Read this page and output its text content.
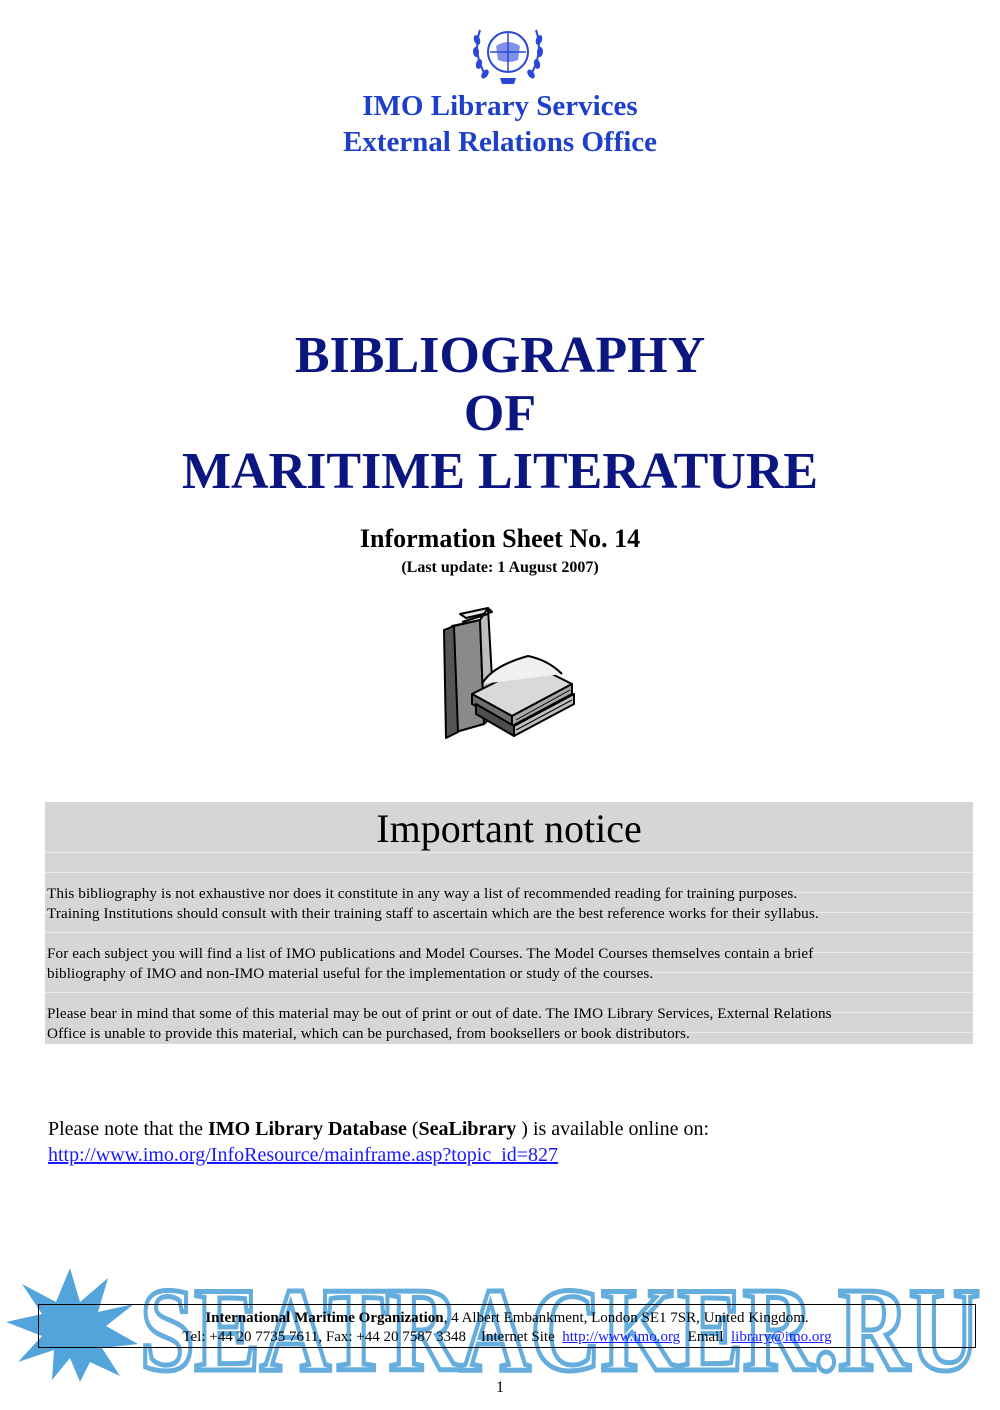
IMO Library Services
External Relations Office
BIBLIOGRAPHY
OF
MARITIME LITERATURE
Information Sheet No. 14
(Last update: 1 August 2007)
Important notice
This bibliography is not exhaustive nor does it constitute in any way a list of recommended reading for training purposes.
Training Institutions should consult with their training staff to ascertain which are the best reference works for their syllabus.
For each subject you will find a list of IMO publications and Model Courses. The Model Courses themselves contain a brief
bibliography of IMO and non-IMO material useful for the implementation or study of the courses.
Please bear in mind that some of this material may be out of print or out of date. The IMO Library Services, External Relations
Office is unable to provide this material, which can be purchased, from booksellers or book distributors.
Please note that the IMO Library Database (SeaLibrary ) is available online on:
http://www.imo.org/InfoResource/mainframe.asp?topic_id=827
SEATRACKER.RU
International Maritime Organization, 4 Albert Embankment, London SE1 7SR, United Kingdom.
Tel: +44 20 7735 7611, Fax: +44 20 7587 3348    Internet Site  http://www.imo.org  Email  library@imo.org
1
